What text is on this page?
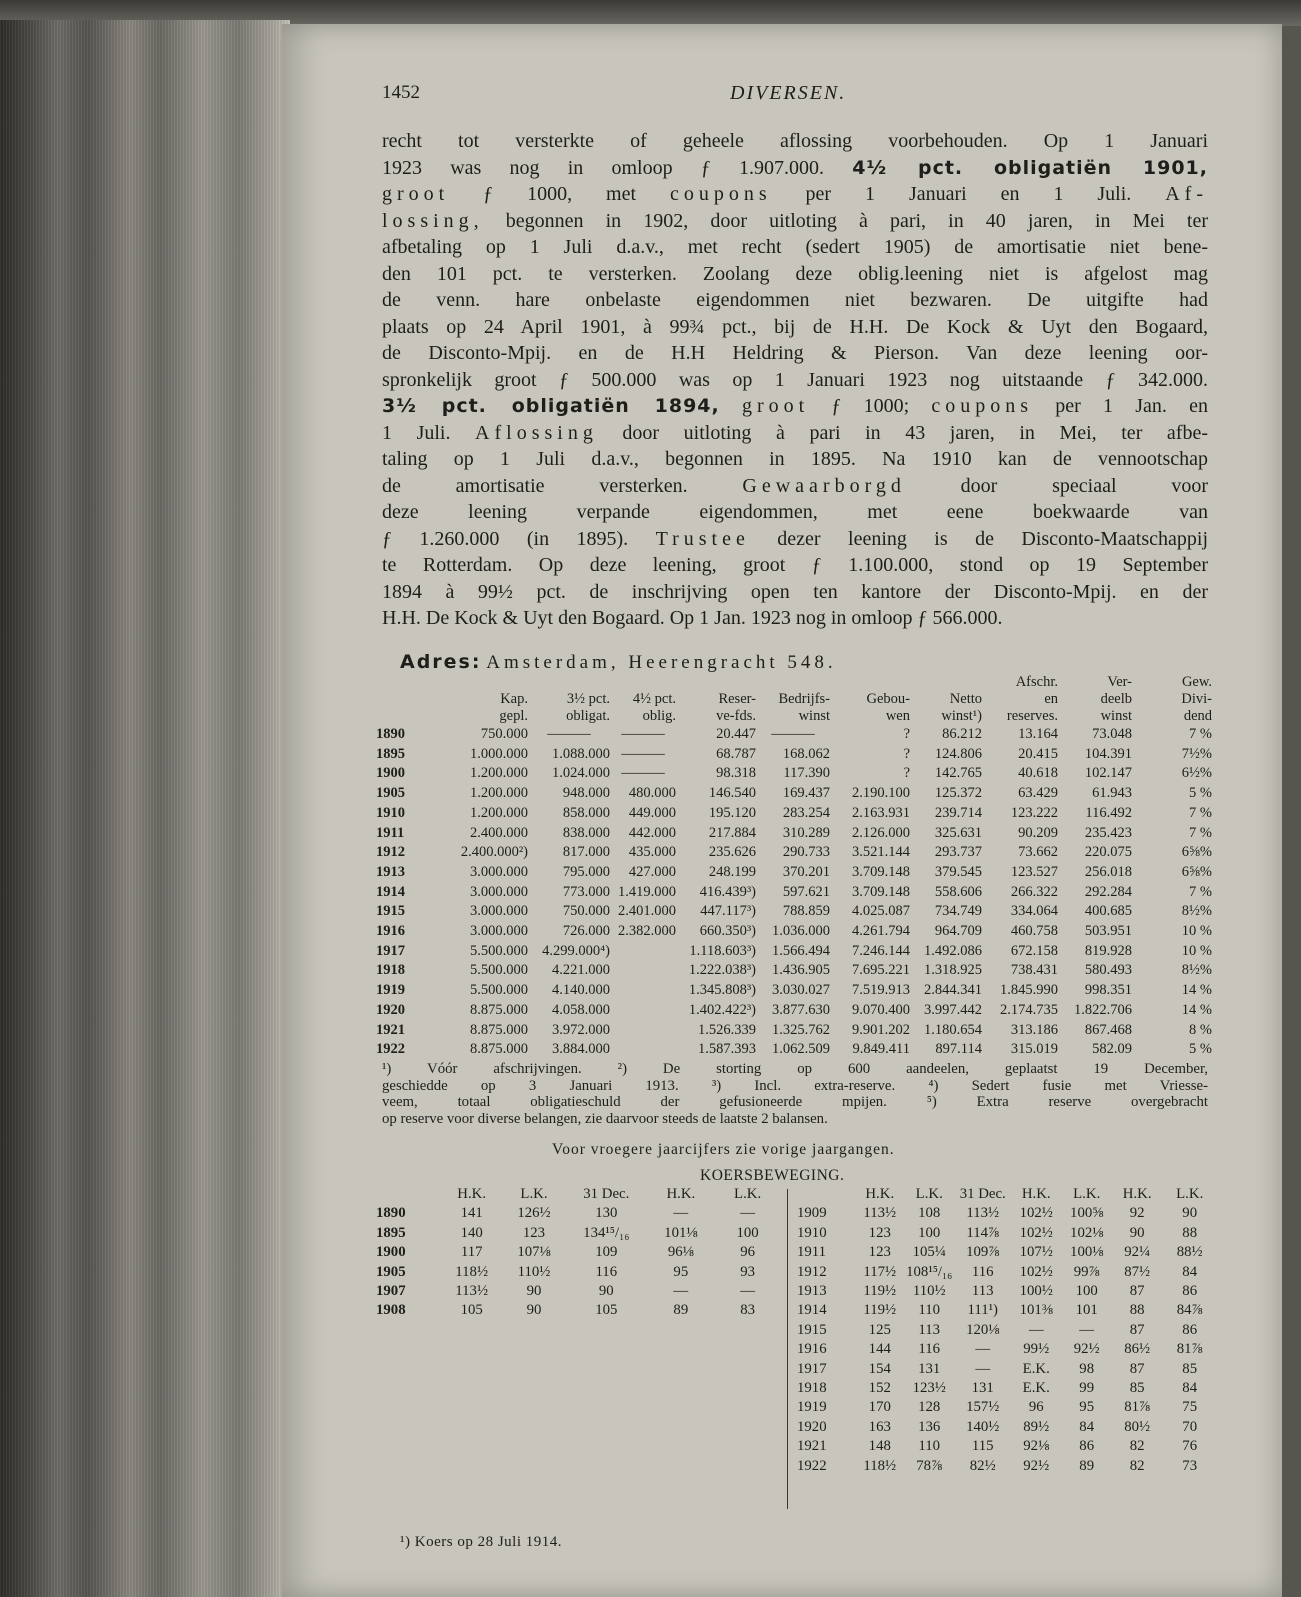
1452	DIVERSEN.
recht tot versterkte of geheele aflossing voorbehouden. Op 1 Januari
1923 was nog in omloop ƒ 1.907.000. 4½ pct. obligatiën 1901,
groot ƒ 1000, met coupons per 1 Januari en 1 Juli. Af-
lossing, begonnen in 1902, door uitloting à pari, in 40 jaren, in Mei ter
afbetaling op 1 Juli d.a.v., met recht (sedert 1905) de amortisatie niet bene-
den 101 pct. te versterken. Zoolang deze oblig.leening niet is afgelost mag
de venn. hare onbelaste eigendommen niet bezwaren. De uitgifte had
plaats op 24 April 1901, à 99¾ pct., bij de H.H. De Kock & Uyt den Bogaard,
de Disconto-Mpij. en de H.H Heldring & Pierson. Van deze leening oor-
spronkelijk groot ƒ 500.000 was op 1 Januari 1923 nog uitstaande ƒ 342.000.
3½ pct. obligatiën 1894, groot ƒ 1000; coupons per 1 Jan. en
1 Juli. Aflossing door uitloting à pari in 43 jaren, in Mei, ter afbe-
taling op 1 Juli d.a.v., begonnen in 1895. Na 1910 kan de vennootschap
de amortisatie versterken. Gewaarborgd door speciaal voor
deze leening verpande eigendommen, met eene boekwaarde van
ƒ 1.260.000 (in 1895). Trustee dezer leening is de Disconto-Maatschappij
te Rotterdam. Op deze leening, groot ƒ 1.100.000, stond op 19 September
1894 à 99½ pct. de inschrijving open ten kantore der Disconto-Mpij. en der
H.H. De Kock & Uyt den Bogaard. Op 1 Jan. 1923 nog in omloop ƒ 566.000.
Adres: Amsterdam, Heerengracht 548.
								Afschr.	Ver-	Gew.
	Kap.	3½ pct.	4½ pct.	Reser-	Bedrijfs-	Gebou-	Netto	en	deelb	Divi-
	gepl.	obligat.	oblig.	ve-fds.	winst	wen	winst¹)	reserves.	winst	dend
1890	750.000	———	———	20.447	———	?	86.212	13.164	73.048	7 %
1895	1.000.000	1.088.000	———	68.787	168.062	?	124.806	20.415	104.391	7½%
1900	1.200.000	1.024.000	———	98.318	117.390	?	142.765	40.618	102.147	6½%
1905	1.200.000	948.000	480.000	146.540	169.437	2.190.100	125.372	63.429	61.943	5 %
1910	1.200.000	858.000	449.000	195.120	283.254	2.163.931	239.714	123.222	116.492	7 %
1911	2.400.000	838.000	442.000	217.884	310.289	2.126.000	325.631	90.209	235.423	7 %
1912	2.400.000²)	817.000	435.000	235.626	290.733	3.521.144	293.737	73.662	220.075	6⅝%
1913	3.000.000	795.000	427.000	248.199	370.201	3.709.148	379.545	123.527	256.018	6⅝%
1914	3.000.000	773.000	1.419.000	416.439³)	597.621	3.709.148	558.606	266.322	292.284	7 %
1915	3.000.000	750.000	2.401.000	447.117³)	788.859	4.025.087	734.749	334.064	400.685	8½%
1916	3.000.000	726.000	2.382.000	660.350³)	1.036.000	4.261.794	964.709	460.758	503.951	10 %
1917	5.500.000	4.299.000⁴)		1.118.603³)	1.566.494	7.246.144	1.492.086	672.158	819.928	10 %
1918	5.500.000	4.221.000		1.222.038³)	1.436.905	7.695.221	1.318.925	738.431	580.493	8½%
1919	5.500.000	4.140.000		1.345.808³)	3.030.027	7.519.913	2.844.341	1.845.990	998.351	14 %
1920	8.875.000	4.058.000		1.402.422³)	3.877.630	9.070.400	3.997.442	2.174.735	1.822.706	14 %
1921	8.875.000	3.972.000		1.526.339	1.325.762	9.901.202	1.180.654	313.186	867.468	8 %
1922	8.875.000	3.884.000		1.587.393	1.062.509	9.849.411	897.114	315.019	582.09	5 %
¹) Vóór afschrijvingen. ²) De storting op 600 aandeelen, geplaatst 19 December,
geschiedde op 3 Januari 1913. ³) Incl. extra-reserve. ⁴) Sedert fusie met Vriesse-
veem, totaal obligatieschuld der gefusioneerde mpijen. ⁵) Extra reserve overgebracht
op reserve voor diverse belangen, zie daarvoor steeds de laatste 2 balansen.
Voor vroegere jaarcijfers zie vorige jaargangen.
KOERSBEWEGING.

	H.K.	L.K.	31 Dec.	H.K.	L.K.
1890	141	126½	130	—	—
1895	140	123	134¹⁵/₁₆	101⅛	100
1900	117	107⅛	109	96⅛	96
1905	118½	110½	116	95	93
1907	113½	90	90	—	—
1908	105	90	105	89	83

	H.K.	L.K.	31 Dec.	H.K.	L.K.	H.K.	L.K.
1909	113½	108	113½	102½	100⅝	92	90
1910	123	100	114⅞	102½	102⅛	90	88
1911	123	105¼	109⅞	107½	100⅛	92¼	88½
1912	117½	108¹⁵/₁₆	116	102½	99⅞	87½	84
1913	119½	110½	113	100½	100	87	86
1914	119½	110	111¹)	101⅜	101	88	84⅞
1915	125	113	120⅛	—	—	87	86
1916	144	116	—	99½	92½	86½	81⅞
1917	154	131	—	E.K.	98	87	85
1918	152	123½	131	E.K.	99	85	84
1919	170	128	157½	96	95	81⅞	75
1920	163	136	140½	89½	84	80½	70
1921	148	110	115	92⅛	86	82	76
1922	118½	78⅞	82½	92½	89	82	73
¹) Koers op 28 Juli 1914.
